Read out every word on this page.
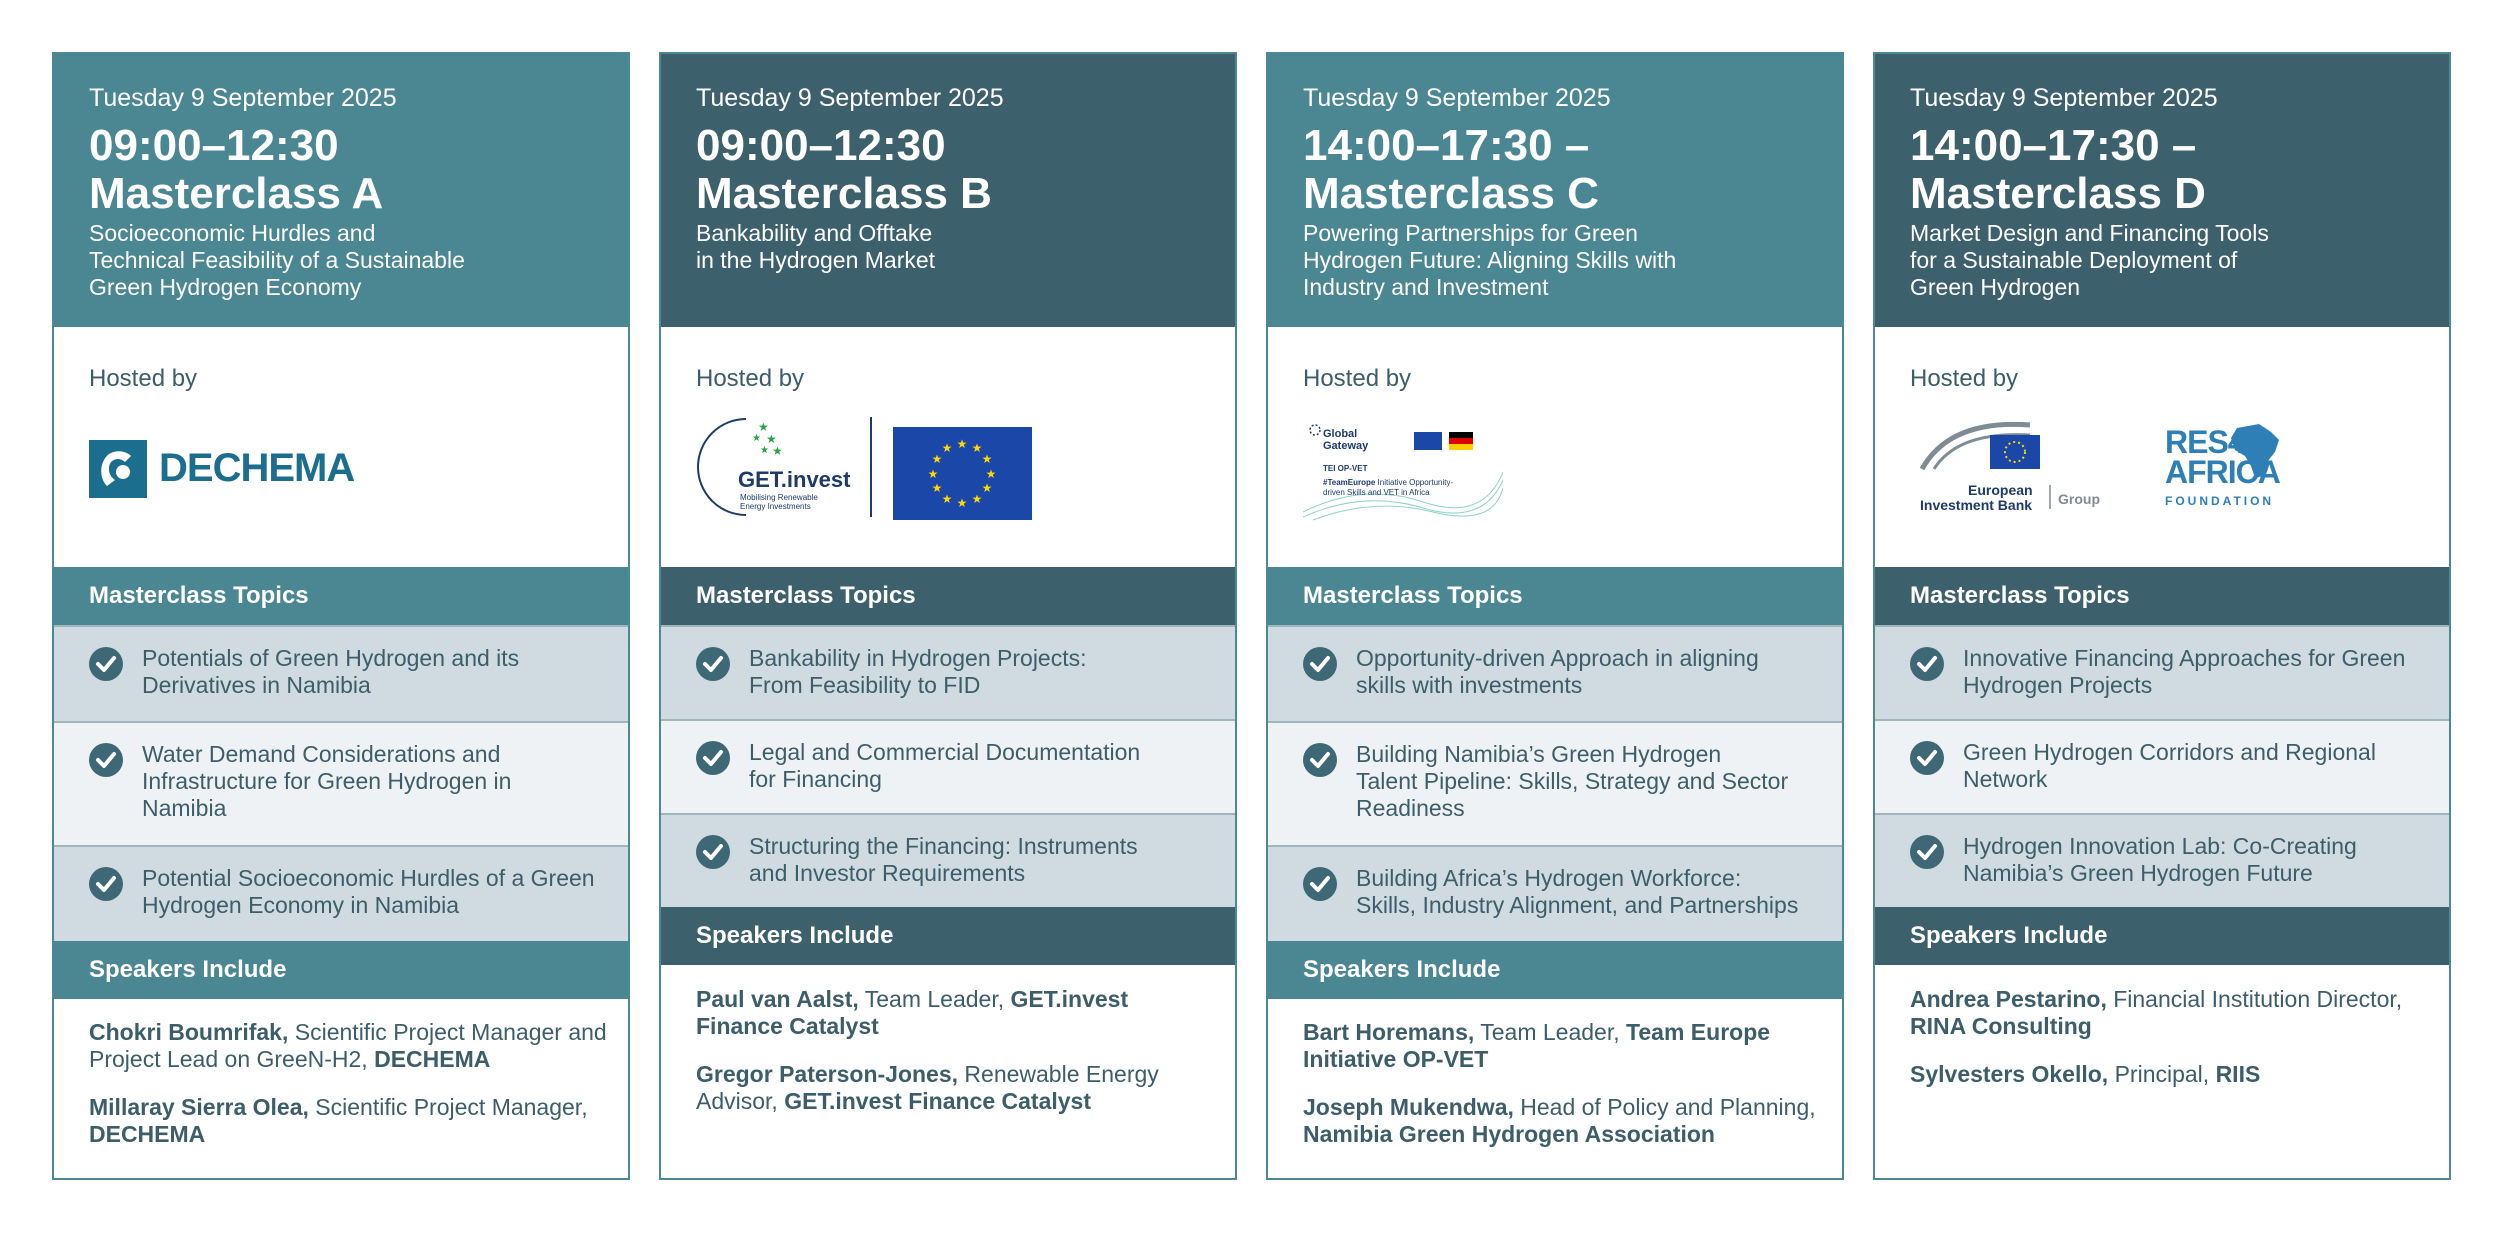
Tuesday 9 September 2025
09:00–12:30
Masterclass A
Socioeconomic Hurdles and
Technical Feasibility of a Sustainable
Green Hydrogen Economy
Hosted by
DECHEMA
Masterclass Topics
Potentials of Green Hydrogen and its
Derivatives in Namibia
Water Demand Considerations and
Infrastructure for Green Hydrogen in
Namibia
Potential Socioeconomic Hurdles of a Green
Hydrogen Economy in Namibia
Speakers Include
Chokri Boumrifak, Scientific Project Manager and Project Lead on GreeN-H2, DECHEMA
Millaray Sierra Olea, Scientific Project Manager, DECHEMA
Tuesday 9 September 2025
09:00–12:30
Masterclass B
Bankability and Offtake
in the Hydrogen Market
Hosted by
★
★
★
★
★
GET.invest
Mobilising Renewable
Energy Investments
★ ★
★
★
★
★
★
★
★
★
★
★
Masterclass Topics
Bankability in Hydrogen Projects:
From Feasibility to FID
Legal and Commercial Documentation
for Financing
Structuring the Financing: Instruments
and Investor Requirements
Speakers Include
Paul van Aalst, Team Leader, GET.invest Finance Catalyst
Gregor Paterson-Jones, Renewable Energy Advisor, GET.invest Finance Catalyst
Tuesday 9 September 2025
14:00–17:30 –
Masterclass C
Powering Partnerships for Green
Hydrogen Future: Aligning Skills with
Industry and Investment
Hosted by
Global
Gateway
TEI OP-VET
#TeamEurope Initiative Opportunity-
driven Skills and VET in Africa
Masterclass Topics
Opportunity-driven Approach in aligning
skills with investments
Building Namibia’s Green Hydrogen
Talent Pipeline: Skills, Strategy and Sector
Readiness
Building Africa’s Hydrogen Workforce:
Skills, Industry Alignment, and Partnerships
Speakers Include
Bart Horemans, Team Leader, Team Europe Initiative OP-VET
Joseph Mukendwa, Head of Policy and Planning, Namibia Green Hydrogen Association
Tuesday 9 September 2025
14:00–17:30 –
Masterclass D
Market Design and Financing Tools
for a Sustainable Deployment of
Green Hydrogen
Hosted by
European
Investment Bank Group
RES4
AFRICA
FOUNDATION
Masterclass Topics
Innovative Financing Approaches for Green
Hydrogen Projects
Green Hydrogen Corridors and Regional
Network
Hydrogen Innovation Lab: Co-Creating
Namibia’s Green Hydrogen Future
Speakers Include
Andrea Pestarino, Financial Institution Director, RINA Consulting
Sylvesters Okello, Principal, RIIS
